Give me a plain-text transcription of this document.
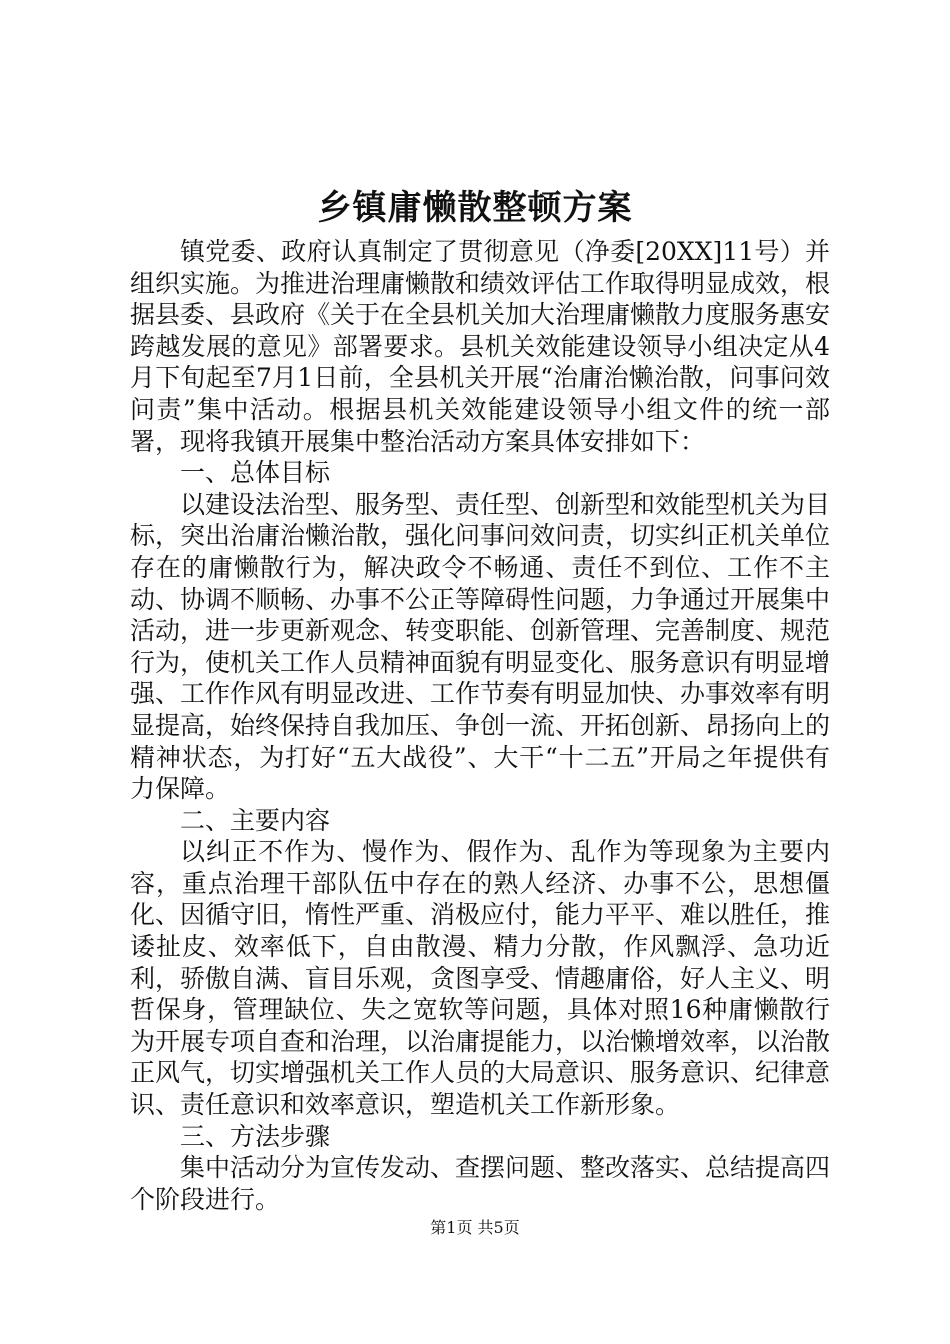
乡镇庸懒散整顿方案

镇党委、政府认真制定了贯彻意见（净委[20XX]11号）并组织实施。为推进治理庸懒散和绩效评估工作取得明显成效，根据县委、县政府《关于在全县机关加大治理庸懒散力度服务惠安跨越发展的意见》部署要求。县机关效能建设领导小组决定从4月下旬起至7月1日前，全县机关开展“治庸治懒治散，问事问效问责”集中活动。根据县机关效能建设领导小组文件的统一部署，现将我镇开展集中整治活动方案具体安排如下：

一、总体目标

以建设法治型、服务型、责任型、创新型和效能型机关为目标，突出治庸治懒治散，强化问事问效问责，切实纠正机关单位存在的庸懒散行为，解决政令不畅通、责任不到位、工作不主动、协调不顺畅、办事不公正等障碍性问题，力争通过开展集中活动，进一步更新观念、转变职能、创新管理、完善制度、规范行为，使机关工作人员精神面貌有明显变化、服务意识有明显增强、工作作风有明显改进、工作节奏有明显加快、办事效率有明显提高，始终保持自我加压、争创一流、开拓创新、昂扬向上的精神状态，为打好“五大战役”、大干“十二五”开局之年提供有力保障。

二、主要内容

以纠正不作为、慢作为、假作为、乱作为等现象为主要内容，重点治理干部队伍中存在的熟人经济、办事不公，思想僵化、因循守旧，惰性严重、消极应付，能力平平、难以胜任，推诿扯皮、效率低下，自由散漫、精力分散，作风飘浮、急功近利，骄傲自满、盲目乐观，贪图享受、情趣庸俗，好人主义、明哲保身，管理缺位、失之宽软等问题，具体对照16种庸懒散行为开展专项自查和治理，以治庸提能力，以治懒增效率，以治散正风气，切实增强机关工作人员的大局意识、服务意识、纪律意识、责任意识和效率意识，塑造机关工作新形象。

三、方法步骤

集中活动分为宣传发动、查摆问题、整改落实、总结提高四个阶段进行。

第1页 共5页
